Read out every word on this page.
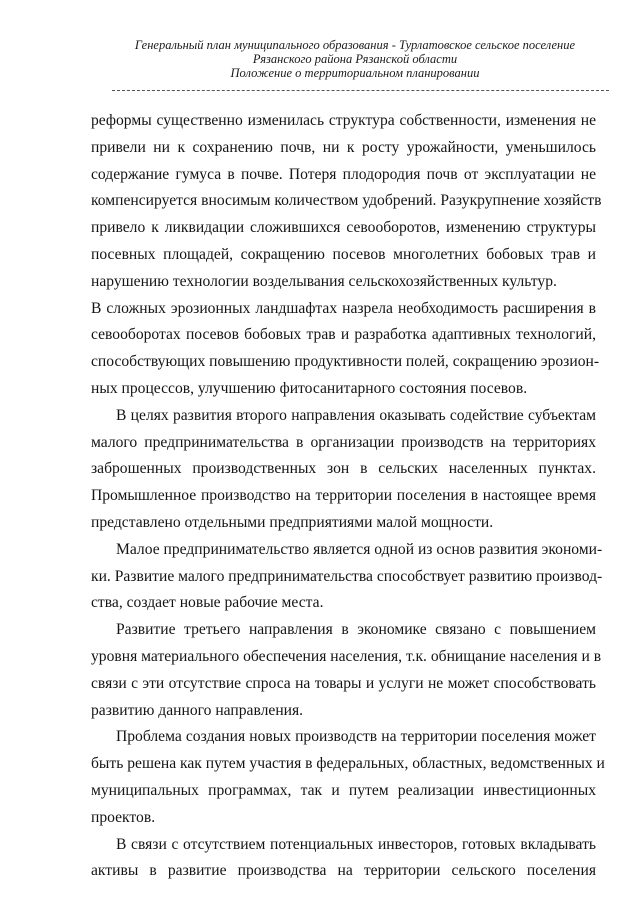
Генеральный план муниципального образования - Турлатовское сельское поселение
Рязанского района Рязанской области
Положение о территориальном планировании
реформы существенно изменилась структура собственности, изменения не
привели ни к сохранению почв, ни к росту урожайности, уменьшилось
содержание гумуса в почве. Потеря плодородия почв от эксплуатации не
компенсируется вносимым количеством удобрений. Разукрупнение хозяйств
привело к ликвидации сложившихся севооборотов, изменению структуры
посевных площадей, сокращению посевов многолетних бобовых трав и
нарушению технологии возделывания сельскохозяйственных культур.
В сложных эрозионных ландшафтах назрела необходимость расширения в
севооборотах посевов бобовых трав и разработка адаптивных технологий,
способствующих повышению продуктивности полей, сокращению эрозион-
ных процессов, улучшению фитосанитарного состояния посевов.
В целях развития второго направления оказывать содействие субъектам
малого предпринимательства в организации производств на территориях
заброшенных производственных зон в сельских населенных пунктах.
Промышленное производство на территории поселения в настоящее время
представлено отдельными предприятиями малой мощности.
Малое предпринимательство является одной из основ развития экономи-
ки. Развитие малого предпринимательства способствует развитию производ-
ства, создает новые рабочие места.
Развитие третьего направления в экономике связано с повышением
уровня материального обеспечения населения, т.к. обнищание населения и в
связи с эти отсутствие спроса на товары и услуги не может способствовать
развитию данного направления.
Проблема создания новых производств на территории поселения может
быть решена как путем участия в федеральных, областных, ведомственных и
муниципальных программах, так и путем реализации инвестиционных
проектов.
В связи с отсутствием потенциальных инвесторов, готовых вкладывать
активы в развитие производства на территории сельского поселения
